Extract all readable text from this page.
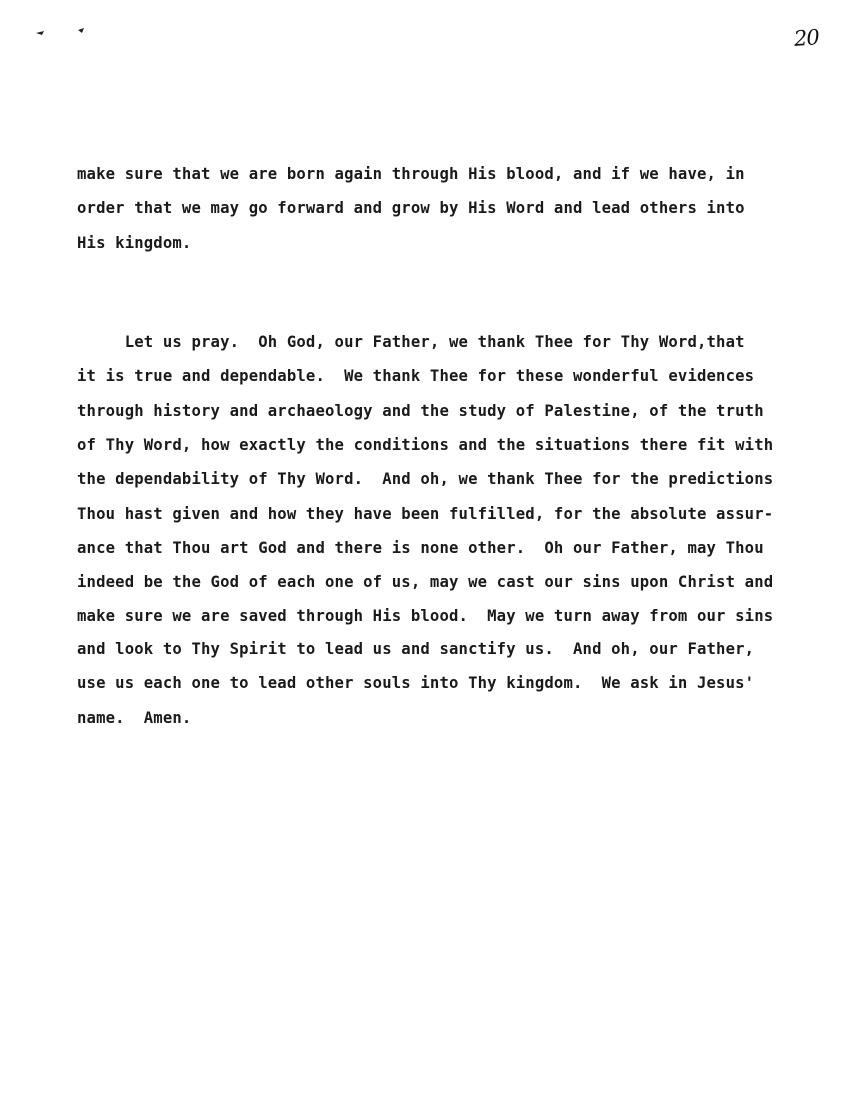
20
make sure that we are born again through His blood, and if we have, in
order that we may go forward and grow by His Word and lead others into
His kingdom.
Let us pray.  Oh God, our Father, we thank Thee for Thy Word,that
it is true and dependable.  We thank Thee for these wonderful evidences
through history and archaeology and the study of Palestine, of the truth
of Thy Word, how exactly the conditions and the situations there fit with
the dependability of Thy Word.  And oh, we thank Thee for the predictions
Thou hast given and how they have been fulfilled, for the absolute assur-
ance that Thou art God and there is none other.  Oh our Father, may Thou
indeed be the God of each one of us, may we cast our sins upon Christ and
make sure we are saved through His blood.  May we turn away from our sins
and look to Thy Spirit to lead us and sanctify us.  And oh, our Father,
use us each one to lead other souls into Thy kingdom.  We ask in Jesus'
name.  Amen.
